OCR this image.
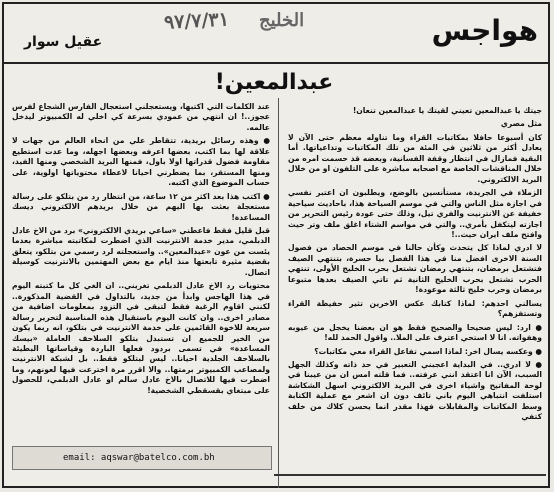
هواجس
الخليج
٩٧/٧/٣١
عقيل سوار
عبدالمعين!

جيتك يا عبدالمعين تعيني لقيتك يا عبدالمعين تنعان!

مثل مصري

كان أسبوعا حافلا بمكاتبات القراء وما تناوله معظم حتى الآن لا يعادل أكثر من ثلاثين في المئة من تلك المكاتبات وتداعياتها. أما البقية فمازال في انتظار وقفة الفسانية، وبعضه قد حسمت امره من خلال المناقشات الخاصة مع اصحابه مباشرة على التلفون او من خلال البريد الالكتروني.

الزملاء في الجريدة، مستأنسين بالوضع، ويطلبون ان اعتبر نفسي في اجازة مثل الناس والتي في موسم السياحة هذا، باحاديث سياحية خفيفة عن الانترنيت والفري تيل، وذلك حتى عودة رئيس التحرير من اجازته ليتكفل بأمري.. والتي في مواسم الشتاء اغلق ملف وتر حيث وافتح ملف ايران حيث..!

لا ادري لماذا كل يتحدث وكأن حالنا في موسم الحصاد من فصول السنة الاخرى افضل منا في هذا الفصل بيا حسرة، بتنتهي الصيف فتشتعل برمضان، بتنتهي رمضان تشتعل بحرب الخليج الأولى، تنتهي الحرب تشتعل بحرب الخليج الثانية ثم تاتي الصيف بعدها متبوعا برمضان وحرب خليج ثالثة موعودة!

يسالني احدهم: لماذا كتابك عكس الاخرين تثير حفيظة القراء وتستفزهم؟

● ارد: ليس صحيحا والصحيح فقط هو ان بعضنا يخجل من عيوبه وهفواته. انا لا استحي اعترف على الملا.. واقول الحمد لله!

● وعكسه يسال اخر: لماذا اسمي تفاعل القراء معي مكاتبات؟

● لا ادري.. في البداية اعجبني التعبير في حد ذاته وكذلك الجهل السبب، الآن انا اعتقد انني عرفته.. فما قلته امس ان من عيبنا في لوحة المفاتيح واشياء اخرى في البريد الالكتروني اسهل الشكاشة استلفت انتباهي اليوم باني تائف دون ان اشعر مع عملية الكتابة وسط المكاتبات والمقابلات فهذا مقدر انما يحسن كلاك من خلف كتفي

عند الكلمات التي اكتبها، ويستعجلني استعجال الفارس الشجاع لفرس عجوز..! ان انتهي من عمودي بسرعة كي اخلي له الكمبيوتر ليدخل عالمه.

● وهذه رسائل بريدية، تتقاطر علي من انحاء العالم من جهات لا علاقة لها بما اكتب، بعضها اعرفه وبعضها اجهله، وما عدت استطيع مقاومة فضول قدراتها اولا باول، فمنها البريد الشخصي ومنها الفيد، ومنها المستقر، بما يضطرني احيانا لاعطاء محتوياتها اولوية، على حساب الموضوع الذي اكتبه.

● اكتب هذا بعد اكثر من ١٢ ساعة، من انتظار رد من بتلكو على رسالة مستعجلة بعثت بها اليهم من خلال بريدهم الالكتروني ديسك المساعدة!

قبل قليل فقط فاعطني «ساعي بريدي الالكتروني» برد من الاخ عادل الدبلمي، مدير خدمة الانترنيت الذي اضطرت لمكاتبته مباشرة بعدما يئست من عون «عبدالمعين».. واستعجلته لرد رسمي من بتلكو، يتعلق بقضية مثيرة تابعتها منذ ايام مع بعض المهتمين بالانترنيت كوسيلة اتصال.

محتويات رد الاخ عادل الدبلمي تغريني.. ان الغي كل ما كتبته اليوم في هذا الهاجس وابدأ من جديد، بالتداول في القضية المذكورة.. لكنني اقاوم الرغبة فقط لتبقى في التزود بمعلومات اضافية من مصادر اخرى.. وان كانت اليوم باستقبال هذه المناسبة لتحرير رسالة سريعة للاخوة القائمين على خدمة الانترنيت في بتلكو، انه ربما يكون من الخير للجميع ان تستبدل بتلكو السلاحف العاملة «بيسك المساعدة» في تسمى بردود فعلها الباردة وقياساتها البطيئة بالسلاحف الجلدية احيانا.. ليس لبتلكو فقط.. بل لشبكة الانترنيت ولمصاعب الكمبيوتر برمتها.. والا اقرر مرة اخترعت فيها لعونهم، وما اضطرت فيها للاتصال بالاخ عادل سالم او عادل الدبلمي، للحصول على مبتغاي بقسقطي الشخصية!

email: aqswar@batelco.com.bh
